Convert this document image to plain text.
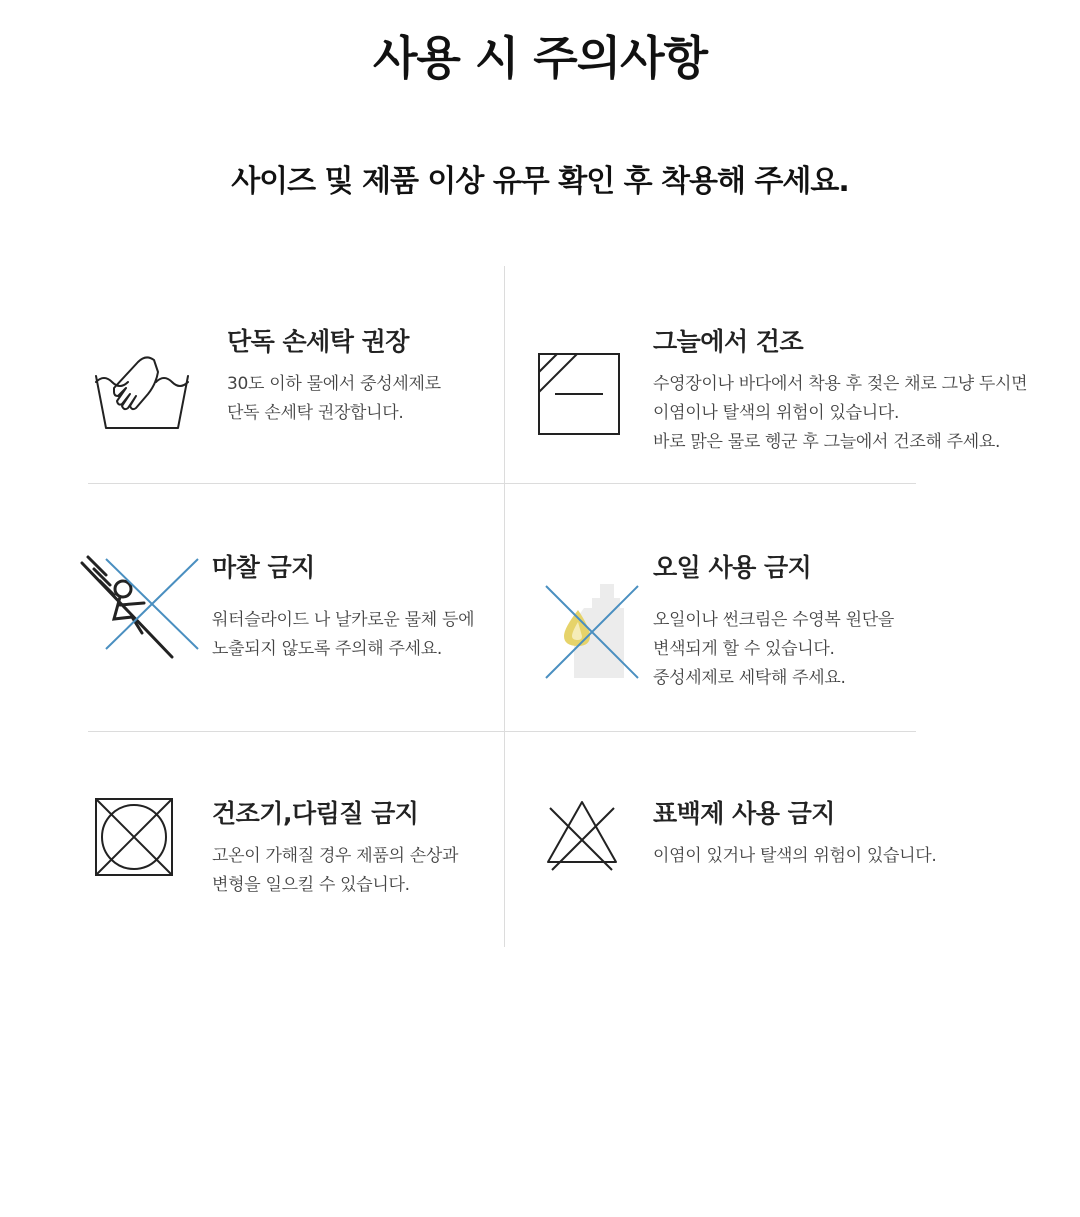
사용 시 주의사항
사이즈 및 제품 이상 유무 확인 후 착용해 주세요.
단독 손세탁 권장

30도 이하 물에서 중성세제로
단독 손세탁 권장합니다.

그늘에서 건조

수영장이나 바다에서 착용 후 젖은 채로 그냥 두시면
이염이나 탈색의 위험이 있습니다.
바로 맑은 물로 헹군 후 그늘에서 건조해 주세요.

마찰 금지

워터슬라이드 나 날카로운 물체 등에
노출되지 않도록 주의해 주세요.

오일 사용 금지

오일이나 썬크림은 수영복 원단을
변색되게 할 수 있습니다.
중성세제로 세탁해 주세요.

건조기,다림질 금지

고온이 가해질 경우 제품의 손상과
변형을 일으킬 수 있습니다.

표백제 사용 금지

이염이 있거나 탈색의 위험이 있습니다.
